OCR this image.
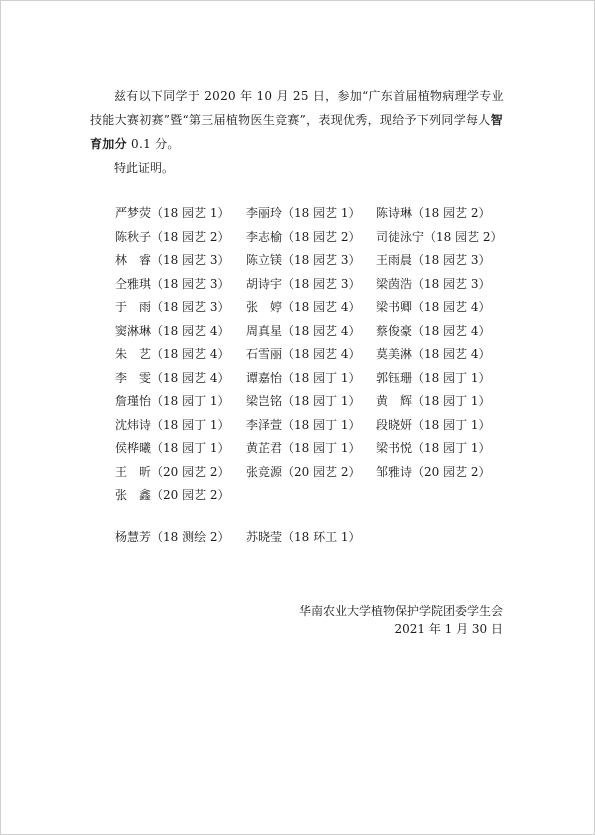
兹有以下同学于 2020 年 10 月 25 日，参加“广东首届植物病理学专业技能大赛初赛”暨“第三届植物医生竞赛”，表现优秀，现给予下列同学每人智育加分 0.1 分。

特此证明。

严梦荧（18 园艺 1）	李丽玲（18 园艺 1）	陈诗琳（18 园艺 2）
陈秋子（18 园艺 2）	李志榆（18 园艺 2）	司徒泳宁（18 园艺 2）
林　睿（18 园艺 3）	陈立镁（18 园艺 3）	王雨晨（18 园艺 3）
仝雅琪（18 园艺 3）	胡诗宇（18 园艺 3）	梁茵浩（18 园艺 3）
于　雨（18 园艺 3）	张　婷（18 园艺 4）	梁书卿（18 园艺 4）
窦淋琳（18 园艺 4）	周真星（18 园艺 4）	蔡俊豪（18 园艺 4）
朱　艺（18 园艺 4）	石雪丽（18 园艺 4）	莫美淋（18 园艺 4）
李　雯（18 园艺 4）	谭嘉怡（18 园丁 1）	郭钰珊（18 园丁 1）
詹瑾怡（18 园丁 1）	梁岂铭（18 园丁 1）	黄　辉（18 园丁 1）
沈炜诗（18 园丁 1）	李泽萱（18 园丁 1）	段晓妍（18 园丁 1）
侯桦曦（18 园丁 1）	黄芷君（18 园丁 1）	梁书悦（18 园丁 1）
王　昕（20 园艺 2）	张竞源（20 园艺 2）	邹雅诗（20 园艺 2）
张　鑫（20 园艺 2）
杨慧芳（18 测绘 2）	苏晓莹（18 环工 1）
华南农业大学植物保护学院团委学生会
2021 年 1 月 30 日
